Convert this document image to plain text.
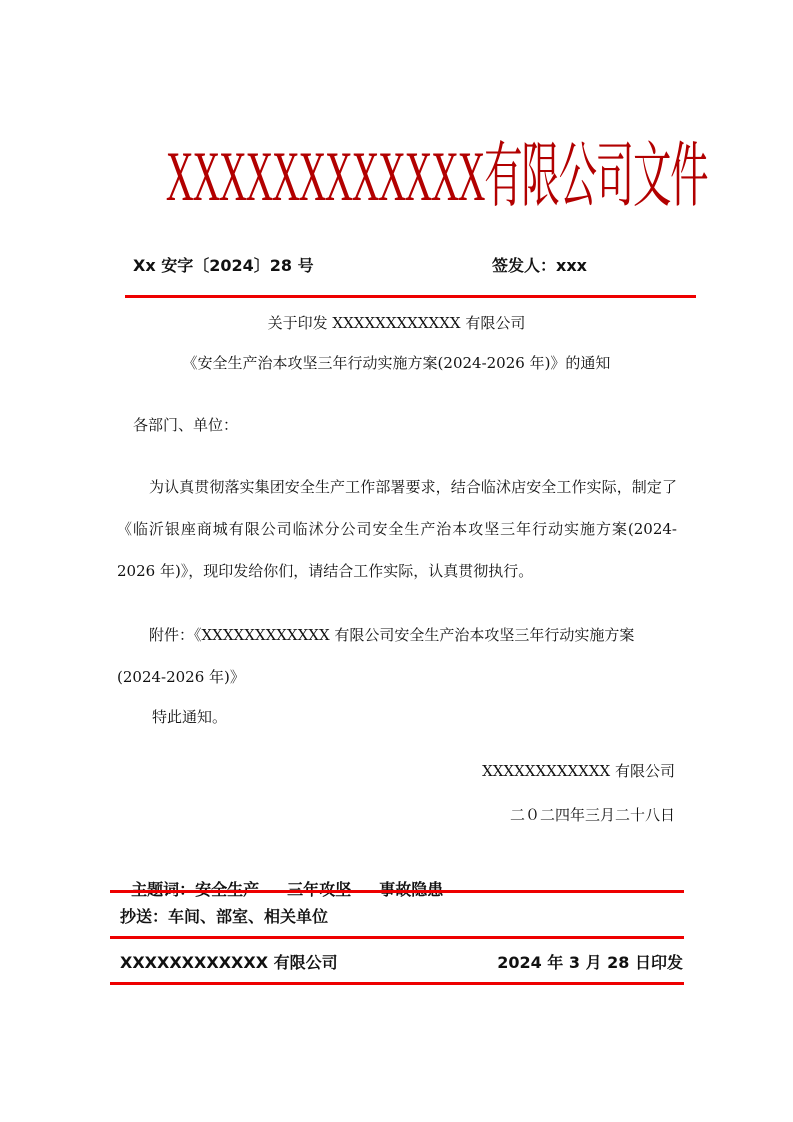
XXXXXXXXXXXX有限公司文件
Xx 安字〔2024〕28 号	签发人：xxx
关于印发 XXXXXXXXXXXX 有限公司
《安全生产治本攻坚三年行动实施方案(2024-2026 年)》的通知
各部门、单位：
为认真贯彻落实集团安全生产工作部署要求，结合临沭店安全工作实际，制定了《临沂银座商城有限公司临沭分公司安全生产治本攻坚三年行动实施方案(2024-2026 年)》，现印发给你们，请结合工作实际，认真贯彻执行。
附件：《XXXXXXXXXXXX 有限公司安全生产治本攻坚三年行动实施方案(2024-2026 年)》
特此通知。
XXXXXXXXXXXX 有限公司
二０二四年三月二十八日

抄送：车间、部室、相关单位
XXXXXXXXXXXX 有限公司	2024 年 3 月 28 日印发
